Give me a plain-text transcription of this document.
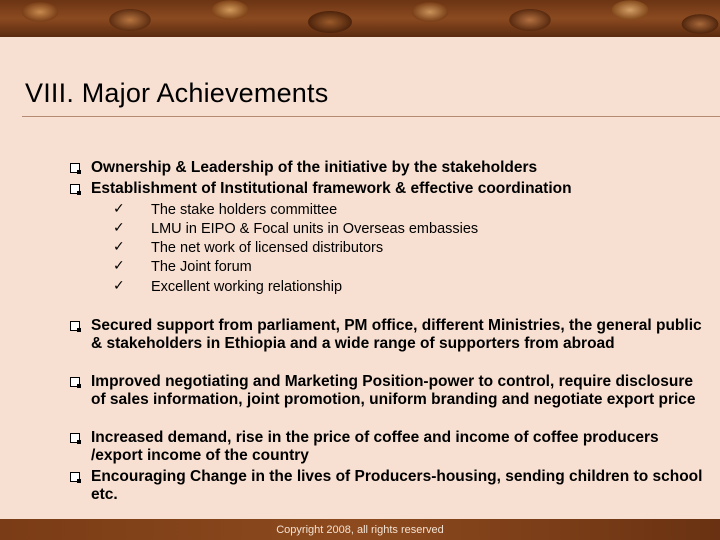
VIII. Major Achievements
Ownership & Leadership of the initiative by the stakeholders
Establishment of Institutional framework & effective coordination
✓ The stake holders committee
✓ LMU in EIPO & Focal units in Overseas embassies
✓ The net work of licensed distributors
✓ The Joint forum
✓ Excellent working relationship
Secured support from parliament, PM office, different Ministries, the general public & stakeholders in Ethiopia and a wide range of supporters from abroad
Improved negotiating and Marketing Position-power to control, require disclosure of sales information, joint promotion, uniform branding and negotiate export price
Increased demand, rise in the price of coffee and income of coffee producers /export income of the country
Encouraging Change in the lives of Producers-housing, sending children to school etc.
Copyright 2008, all rights reserved
